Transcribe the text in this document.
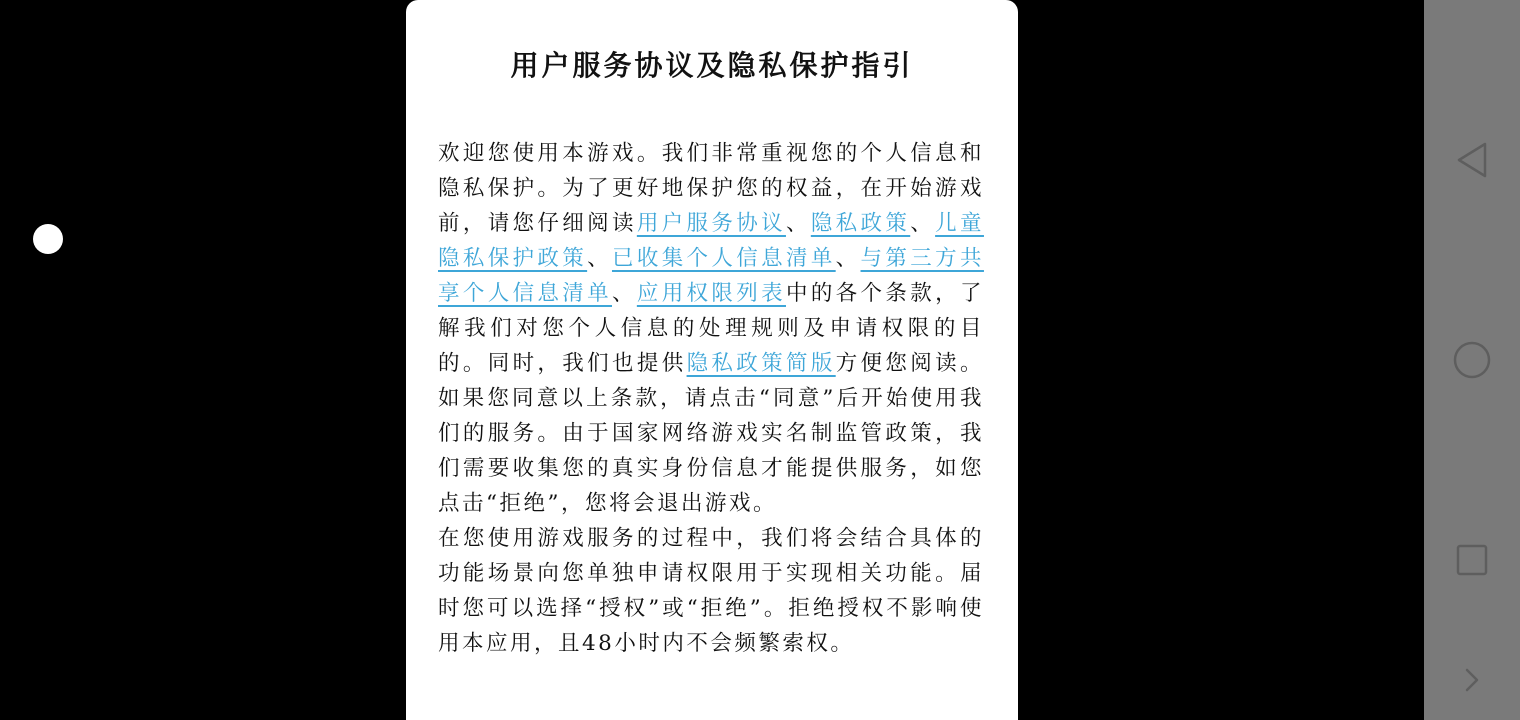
用户服务协议及隐私保护指引

欢迎您使用本游戏。我们非常重视您的个人信息和隐私保护。为了更好地保护您的权益，在开始游戏前，请您仔细阅读用户服务协议、隐私政策、儿童隐私保护政策、已收集个人信息清单、与第三方共享个人信息清单、应用权限列表中的各个条款，了解我们对您个人信息的处理规则及申请权限的目的。同时，我们也提供隐私政策简版方便您阅读。如果您同意以上条款，请点击“同意”后开始使用我们的服务。由于国家网络游戏实名制监管政策，我们需要收集您的真实身份信息才能提供服务，如您点击“拒绝”，您将会退出游戏。

在您使用游戏服务的过程中，我们将会结合具体的功能场景向您单独申请权限用于实现相关功能。届时您可以选择“授权”或“拒绝”。拒绝授权不影响使用本应用，且48小时内不会频繁索权。
